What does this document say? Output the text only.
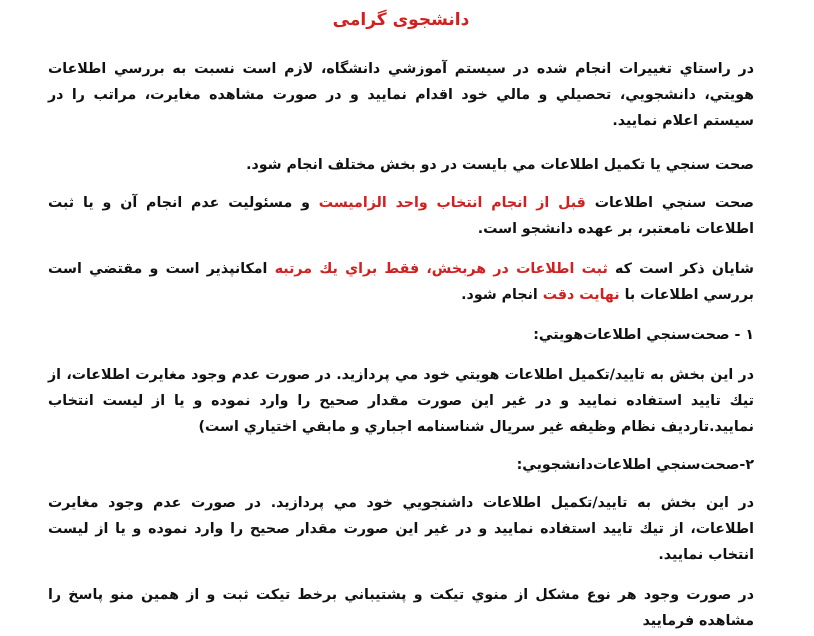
دانشجوی گرامی

در راستاي تغييرات انجام شده در سيستم آموزشي دانشگاه، لازم است نسبت به بررسي اطلاعات هويتي، دانشجويي، تحصيلي و مالي خود اقدام نماييد و در صورت مشاهده مغايرت، مراتب را در سيستم اعلام نماييد.

صحت سنجي يا تكميل اطلاعات مي بايست در دو بخش مختلف انجام شود.

صحت سنجي اطلاعات قبل از انجام انتخاب واحد الزاميست و مسئوليت عدم انجام آن و يا ثبت اطلاعات نامعتبر، بر عهده دانشجو است.

شايان ذكر است كه ثبت اطلاعات در هربخش، فقط براي يك مرتبه امكانپذير است و مقتضي است بررسي اطلاعات با نهايت دقت انجام شود.

۱ - صحت‌سنجي اطلاعات‌هويتي:

در اين بخش به تاييد/تكميل اطلاعات هويتي خود مي پردازيد. در صورت عدم وجود مغايرت اطلاعات، از تيك تاييد استفاده نماييد و در غير اين صورت مقدار صحيح را وارد نموده و يا از ليست انتخاب نماييد.تارديف نظام وظيفه غير سريال شناسنامه اجباري و مابقي اختياري است)

۲-صحت‌سنجي اطلاعات‌دانشجويي:

در اين بخش به تاييد/تكميل اطلاعات داشنجويي خود مي پردازيد. در صورت عدم وجود مغايرت اطلاعات، از تيك تاييد استفاده نماييد و در غير اين صورت مقدار صحيح را وارد نموده و يا از ليست انتخاب نماييد.

در صورت وجود هر نوع مشكل از منوي تيكت و پشتيباني برخط تيكت ثبت و از همين منو پاسخ را مشاهده فرماييد
